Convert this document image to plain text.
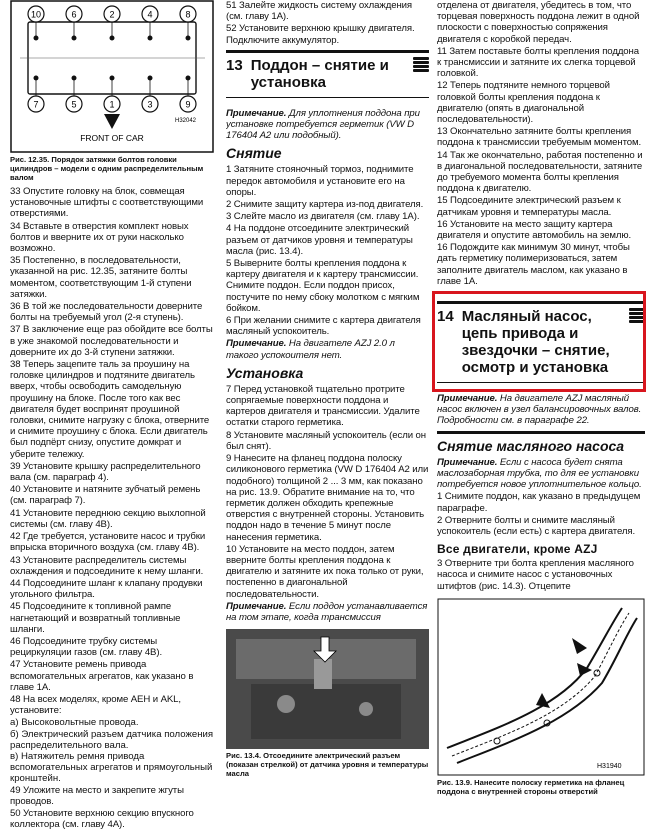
10	6	2	4	8
7	5	1	3	9
H32042
FRONT OF CAR
Рис. 12.35. Порядок затяжки болтов головки цилиндров – модели с одним распределительным валом

33 Опустите головку на блок, совмещая установочные штифты с соответствующими отверстиями.

34 Вставьте в отверстия комплект новых болтов и вверните их от руки насколько возможно.

35 Постепенно, в последовательности, указанной на рис. 12.35, затяните болты моментом, соответствующим 1-й ступени затяжки.

36 В той же последовательности доверните болты на требуемый угол (2-я ступень).

37 В заключение еще раз обойдите все болты в уже знакомой последовательности и доверните их до 3-й ступени затяжки.

38 Теперь зацепите таль за проушину на головке цилиндров и подтяните двигатель вверх, чтобы освободить самодельную проушину на блоке. После того как вес двигателя будет воспринят проушиной головки, снимите нагрузку с блока, отверните и снимите проушину с блока. Если двигатель был подпёрт снизу, опустите домкрат и уберите тележку.

39 Установите крышку распределительного вала (см. параграф 4).

40 Установите и натяните зубчатый ремень (см. параграф 7).

41 Установите переднюю секцию выхлопной системы (см. главу 4B).

42 Где требуется, установите насос и трубки впрыска вторичного воздуха (см. главу 4B).

43 Установите распределитель системы охлаждения и подсоедините к нему шланги.

44 Подсоедините шланг к клапану продувки угольного фильтра.

45 Подсоедините к топливной рампе нагнетающий и возвратный топливные шланги.

46 Подсоедините трубку системы рециркуляции газов (см. главу 4B).

47 Установите ремень привода вспомогательных агрегатов, как указано в главе 1A.

48 На всех моделях, кроме AEH и AKL, установите:

а) Высоковольтные провода.

б) Электрический разъем датчика положения распределительного вала.

в) Натяжитель ремня привода вспомогательных агрегатов и прямоугольный кронштейн.

49 Уложите на место и закрепите жгуты проводов.

50 Установите верхнюю секцию впускного коллектора (см. главу 4A).

51 Залейте жидкость систему охлаждения (см. главу 1A).

52 Установите верхнюю крышку двигателя. Подключите аккумулятор.

13 Поддон – снятие и установка

Примечание. Для уплотнения поддона при установке потребуется герметик (VW D 176404 A2 или подобный).

Снятие

1 Затяните стояночный тормоз, поднимите передок автомобиля и установите его на опоры.

2 Снимите защиту картера из-под двигателя.

3 Слейте масло из двигателя (см. главу 1A).

4 На поддоне отсоедините электрический разъем от датчиков уровня и температуры масла (рис. 13.4).

5 Выверните болты крепления поддона к картеру двигателя и к картеру трансмиссии. Снимите поддон. Если поддон присох, постучите по нему сбоку молотком с мягким бойком.

6 При желании снимите с картера двигателя масляный успокоитель.

Примечание. На двигателе AZJ 2.0 л такого успокоителя нет.

Установка

7 Перед установкой тщательно протрите сопрягаемые поверхности поддона и картеров двигателя и трансмиссии. Удалите остатки старого герметика.

8 Установите масляный успокоитель (если он был снят).

9 Нанесите на фланец поддона полоску силиконового герметика (VW D 176404 A2 или подобного) толщиной 2 ... 3 мм, как показано на рис. 13.9. Обратите внимание на то, что герметик должен обходить крепежные отверстия с внутренней стороны. Установить поддон надо в течение 5 минут после нанесения герметика.

10 Установите на место поддон, затем вверните болты крепления поддона к двигателю и затяните их пока только от руки, постепенно в диагональной последовательности.

Примечание. Если поддон устанавливается на том этапе, когда трансмиссия

Рис. 13.4. Отсоедините электрический разъем (показан стрелкой) от датчика уровня и температуры масла

отделена от двигателя, убедитесь в том, что торцевая поверхность поддона лежит в одной плоскости с поверхностью сопряжения двигателя с коробкой передач.

11 Затем поставьте болты крепления поддона к трансмиссии и затяните их слегка торцевой головкой.

12 Теперь подтяните немного торцевой головкой болты крепления поддона к двигателю (опять в диагональной последовательности).

13 Окончательно затяните болты крепления поддона к трансмиссии требуемым моментом.

14 Так же окончательно, работая постепенно и в диагональной последовательности, затяните до требуемого момента болты крепления поддона к двигателю.

15 Подсоедините электрический разъем к датчикам уровня и температуры масла.

16 Установите на место защиту картера двигателя и опустите автомобиль на землю.

16 Подождите как минимум 30 минут, чтобы дать герметику полимеризоваться, затем заполните двигатель маслом, как указано в главе 1A.

14 Масляный насос, цепь привода и звездочки – снятие, осмотр и установка

Примечание. На двигателе AZJ масляный насос включен в узел балансировочных валов. Подробности см. в параграфе 22.

Снятие масляного насоса

Примечание. Если с насоса будет снята маслозаборная трубка, то для ее установки потребуется новое уплотнительное кольцо.

1 Снимите поддон, как указано в предыдущем параграфе.

2 Отверните болты и снимите масляный успокоитель (если есть) с картера двигателя.

Все двигатели, кроме AZJ

3 Отверните три болта крепления масляного насоса и снимите насос с установочных штифтов (рис. 14.3). Отцепите

H31940
Рис. 13.9. Нанесите полоску герметика на фланец поддона с внутренней стороны отверстий
